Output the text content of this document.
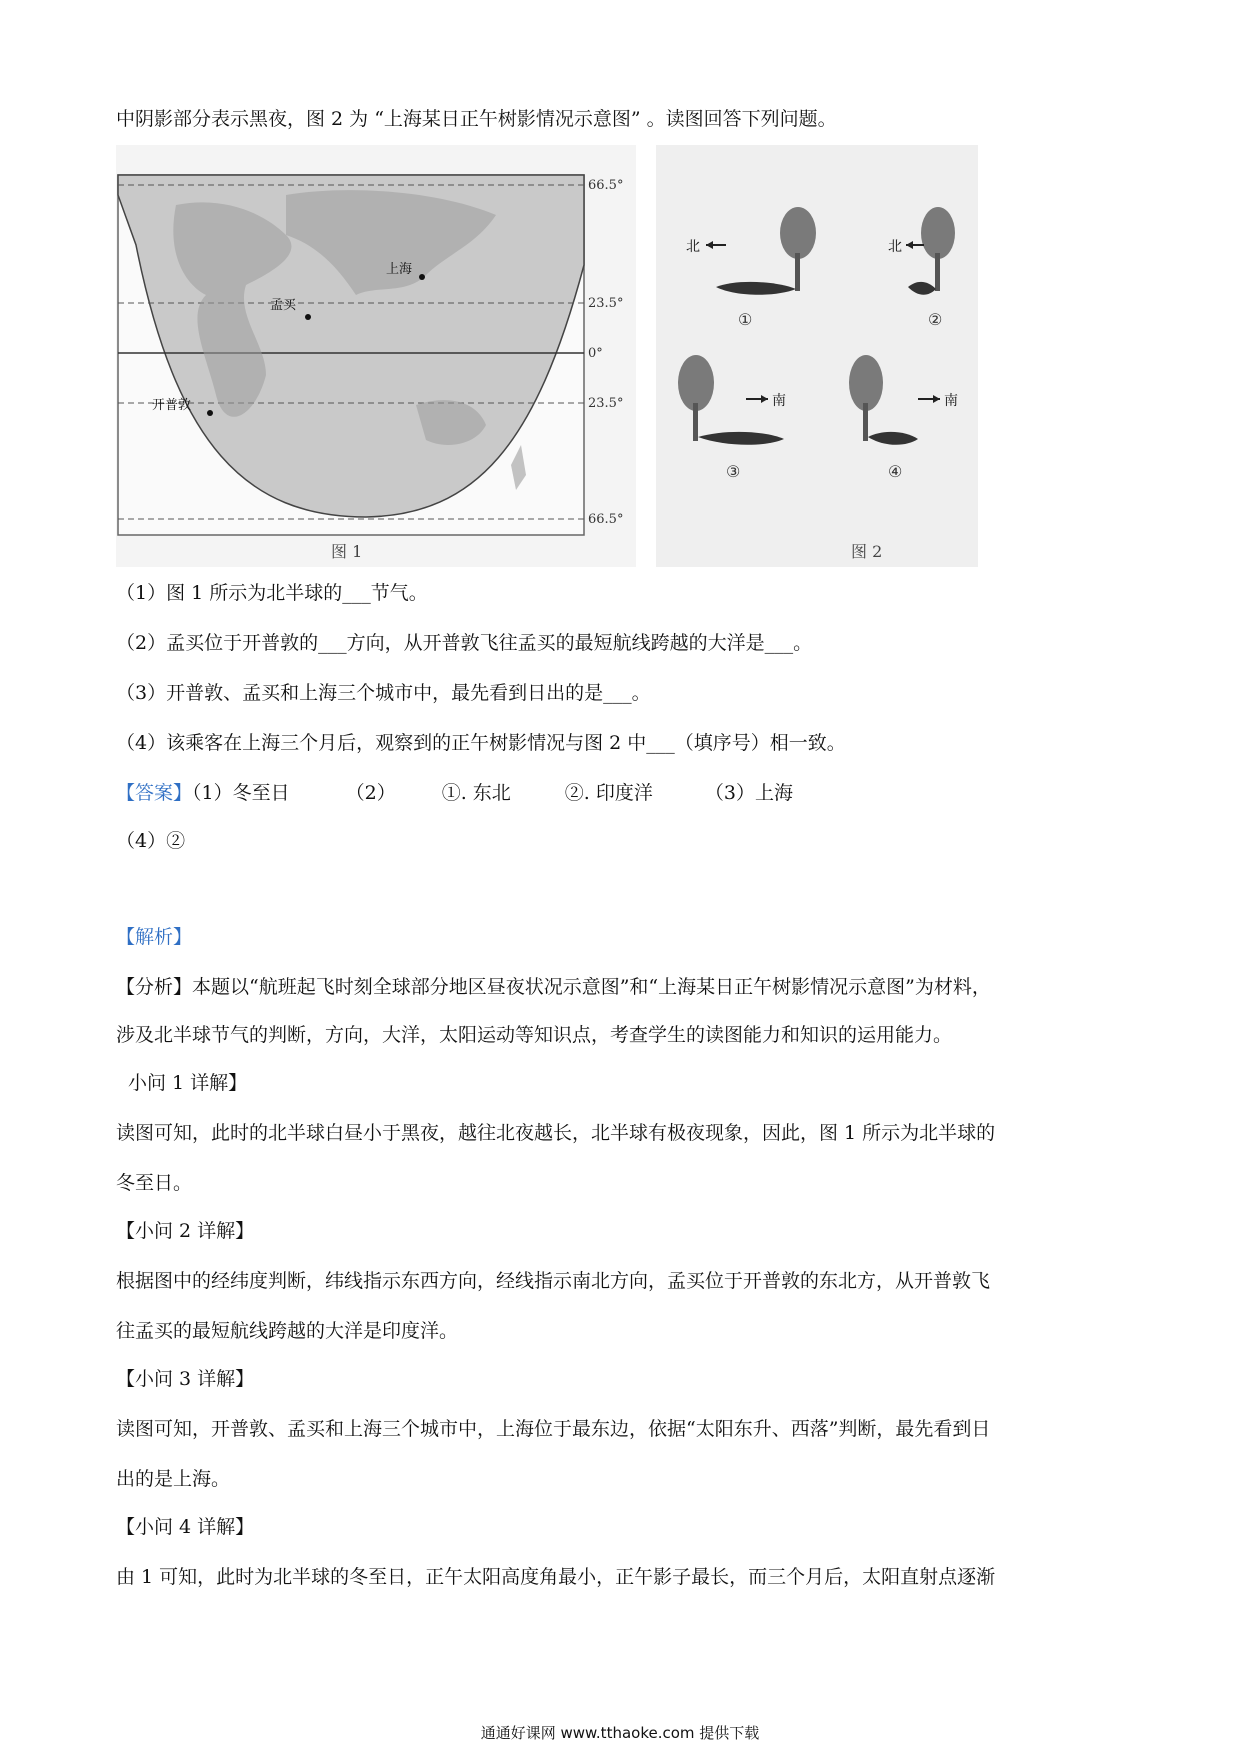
中阴影部分表示黑夜，图 2 为 “上海某日正午树影情况示意图” 。读图回答下列问题。
上海
孟买
开普敦
66.5°
23.5°
0°
23.5°
66.5°
图 1
北
①
北
②
南
③
南
④
图 2
（1）图 1 所示为北半球的___节气。
（2）孟买位于开普敦的___方向，从开普敦飞往孟买的最短航线跨越的大洋是___。
（3）开普敦、孟买和上海三个城市中，最先看到日出的是___。
（4）该乘客在上海三个月后，观察到的正午树影情况与图 2 中___（填序号）相一致。
【答案】（1）冬至日	（2） ①. 东北	②. 印度洋	（3）上海
（4）②
【解析】
【分析】本题以“航班起飞时刻全球部分地区昼夜状况示意图”和“上海某日正午树影情况示意图”为材料，
涉及北半球节气的判断，方向，大洋，太阳运动等知识点，考查学生的读图能力和知识的运用能力。
小问 1 详解】
读图可知，此时的北半球白昼小于黑夜，越往北夜越长，北半球有极夜现象，因此，图 1 所示为北半球的
冬至日。
【小问 2 详解】
根据图中的经纬度判断，纬线指示东西方向，经线指示南北方向，孟买位于开普敦的东北方，从开普敦飞
往孟买的最短航线跨越的大洋是印度洋。
【小问 3 详解】
读图可知，开普敦、孟买和上海三个城市中，上海位于最东边，依据“太阳东升、西落”判断，最先看到日
出的是上海。
【小问 4 详解】
由 1 可知，此时为北半球的冬至日，正午太阳高度角最小，正午影子最长，而三个月后，太阳直射点逐渐
通通好课网 www.tthaoke.com 提供下载
